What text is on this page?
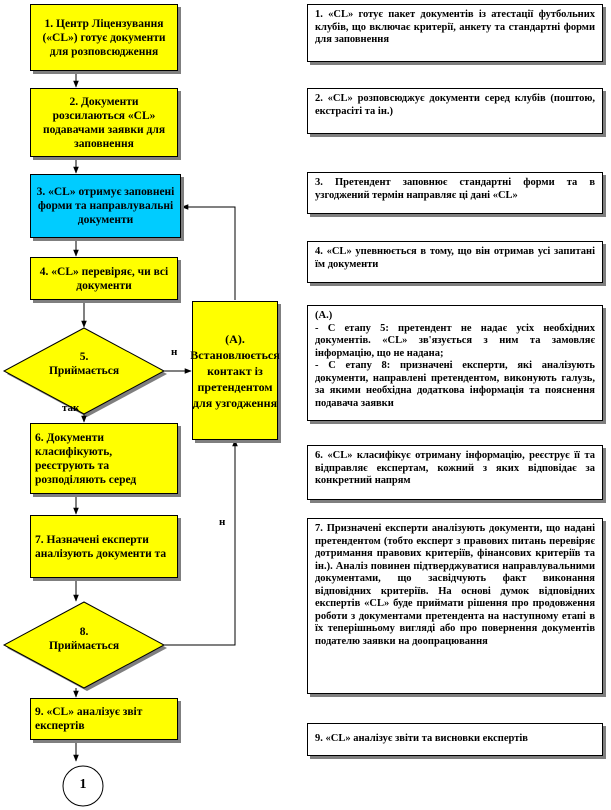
1. Центр Ліцензування («CL») готує документи для розповсюдження
2. Документи розсилаються «CL» подавачами заявки для заповнення
3. «CL» отримує заповнені форми та направлувальні документи
4. «CL» перевіряє, чи всі документи
6. Документи класифікують, реєструють та розподіляють серед
7. Назначені експерти аналізують документи та
9. «CL» аналізує звіт експертів
5. Приймається
8. Приймається
(А). Встановлюється контакт із претендентом для узгодження
н
так
н
1
1. «CL» готує пакет документів із атестації футбольних клубів, що включає критерії, анкету та стандартні форми для заповнення
2. «CL» розповсюджує документи серед клубів (поштою, екстрасіті та ін.)
3. Претендент заповнює стандартні форми та в узгоджений термін направляє ці дані «CL»
4. «CL» упевнюється в тому, що він отримав усі запитані їм документи
(А.)
- С етапу 5: претендент не надає усіх необхідних документів. «CL» зв'язується з ним та замовляє інформацію, що не надана;
- С етапу 8: призначені експерти, які аналізують документи, направлені претендентом, виконують галузь, за якими необхідна додаткова інформація та пояснення подавача заявки
6. «CL» класифікує отриману інформацію, реєструє її та відправляє експертам, кожний з яких відповідає за конкретний напрям
7. Призначені експерти аналізують документи, що надані претендентом (тобто експерт з правових питань перевіряє дотримання правових критеріїв, фінансових критеріїв та ін.). Аналіз повинен підтверджуватися направлувальними документами, що засвідчують факт виконання відповідних критеріїв. На основі думок відповідних експертів «CL» буде приймати рішення про продовження роботи з документами претендента на наступному етапі в їх теперішньому вигляді або про повернення документів подателю заявки на доопрацювання
9. «CL» аналізує звіти та висновки експертів
